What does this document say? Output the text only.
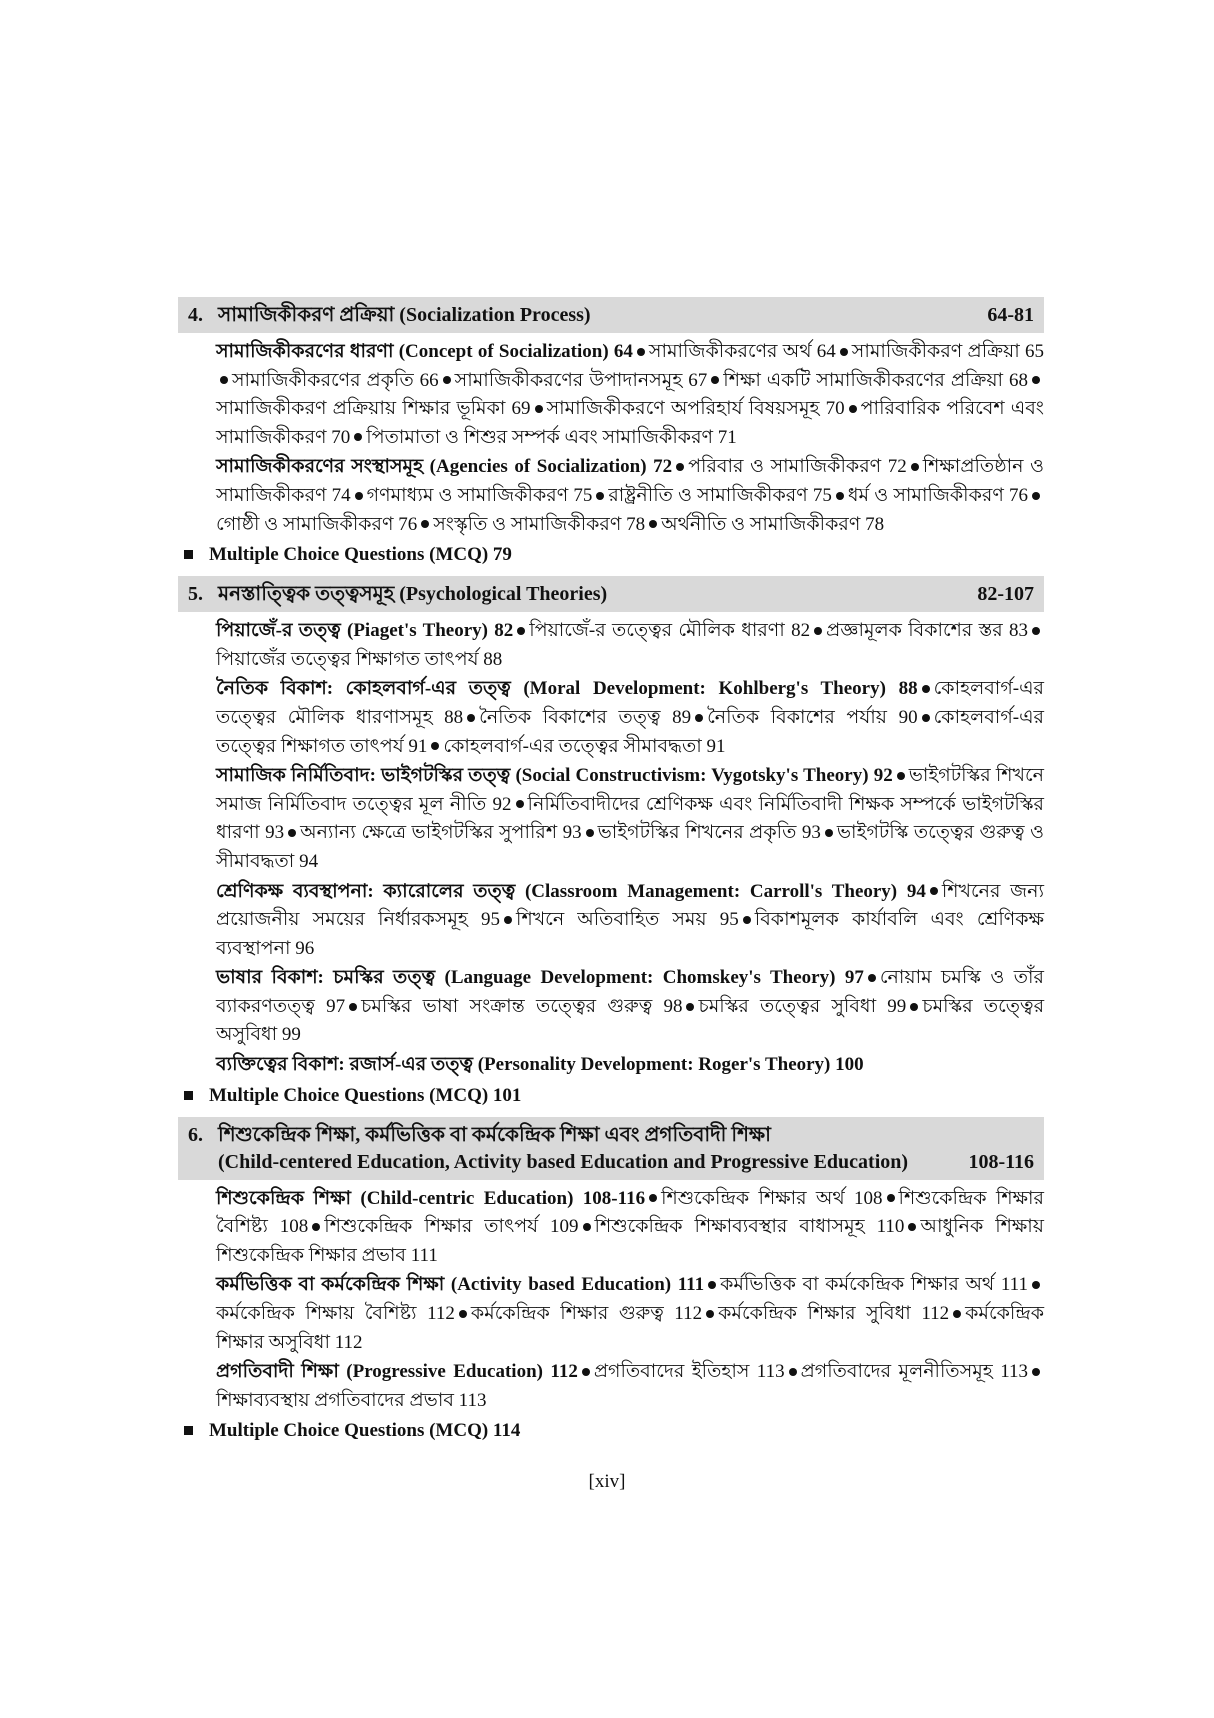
4. সামাজিকীকরণ প্রক্রিয়া (Socialization Process)	64-81

সামাজিকীকরণের ধারণা (Concept of Socialization) 64 সামাজিকীকরণের অর্থ 64 সামাজিকীকরণ প্রক্রিয়া 65সামাজিকীকরণের প্রকৃতি 66 সামাজিকীকরণের উপাদানসমূহ 67 শিক্ষা একটি সামাজিকীকরণের প্রক্রিয়া 68সামাজিকীকরণ প্রক্রিয়ায় শিক্ষার ভূমিকা 69 সামাজিকীকরণে অপরিহার্য বিষয়সমূহ 70 পারিবারিক পরিবেশ এবং সামাজিকীকরণ 70 পিতামাতা ও শিশুর সম্পর্ক এবং সামাজিকীকরণ 71

সামাজিকীকরণের সংস্থাসমূহ (Agencies of Socialization) 72 পরিবার ও সামাজিকীকরণ 72 শিক্ষাপ্রতিষ্ঠান ও সামাজিকীকরণ 74 গণমাধ্যম ও সামাজিকীকরণ 75 রাষ্ট্রনীতি ও সামাজিকীকরণ 75 ধর্ম ও সামাজিকীকরণ 76গোষ্ঠী ও সামাজিকীকরণ 76 সংস্কৃতি ও সামাজিকীকরণ 78 অর্থনীতি ও সামাজিকীকরণ 78

Multiple Choice Questions (MCQ) 79
5. মনস্তাত্ত্বিক তত্ত্বসমূহ (Psychological Theories)	82-107

পিয়াজেঁ-র তত্ত্ব (Piaget's Theory) 82 পিয়াজেঁ-র তত্ত্বের মৌলিক ধারণা 82 প্রজ্ঞামূলক বিকাশের স্তর 83পিয়াজেঁর তত্ত্বের শিক্ষাগত তাৎপর্য 88

নৈতিক বিকাশ: কোহলবার্গ-এর তত্ত্ব (Moral Development: Kohlberg's Theory) 88 কোহলবার্গ-এর তত্ত্বের মৌলিক ধারণাসমূহ 88 নৈতিক বিকাশের তত্ত্ব 89 নৈতিক বিকাশের পর্যায় 90 কোহলবার্গ-এর তত্ত্বের শিক্ষাগত তাৎপর্য 91 কোহলবার্গ-এর তত্ত্বের সীমাবদ্ধতা 91

সামাজিক নির্মিতিবাদ: ভাইগটস্কির তত্ত্ব (Social Constructivism: Vygotsky's Theory) 92 ভাইগটস্কির শিখনে সমাজ নির্মিতিবাদ তত্ত্বের মূল নীতি 92 নির্মিতিবাদীদের শ্রেণিকক্ষ এবং নির্মিতিবাদী শিক্ষক সম্পর্কে ভাইগটস্কির ধারণা 93 অন্যান্য ক্ষেত্রে ভাইগটস্কির সুপারিশ 93 ভাইগটস্কির শিখনের প্রকৃতি 93 ভাইগটস্কি তত্ত্বের গুরুত্ব ও সীমাবদ্ধতা 94

শ্রেণিকক্ষ ব্যবস্থাপনা: ক্যারোলের তত্ত্ব (Classroom Management: Carroll's Theory) 94 শিখনের জন্য প্রয়োজনীয় সময়ের নির্ধারকসমূহ 95 শিখনে অতিবাহিত সময় 95 বিকাশমূলক কার্যাবলি এবং শ্রেণিকক্ষ ব্যবস্থাপনা 96

ভাষার বিকাশ: চমস্কির তত্ত্ব (Language Development: Chomskey's Theory) 97 নোয়াম চমস্কি ও তাঁর ব্যাকরণতত্ত্ব 97 চমস্কির ভাষা সংক্রান্ত তত্ত্বের গুরুত্ব 98 চমস্কির তত্ত্বের সুবিধা 99 চমস্কির তত্ত্বের অসুবিধা 99

ব্যক্তিত্বের বিকাশ: রজার্স-এর তত্ত্ব (Personality Development: Roger's Theory) 100

Multiple Choice Questions (MCQ) 101
6. শিশুকেন্দ্রিক শিক্ষা, কর্মভিত্তিক বা কর্মকেন্দ্রিক শিক্ষা এবং প্রগতিবাদী শিক্ষা
(Child-centered Education, Activity based Education and Progressive Education)	108-116

শিশুকেন্দ্রিক শিক্ষা (Child-centric Education) 108-116 শিশুকেন্দ্রিক শিক্ষার অর্থ 108 শিশুকেন্দ্রিক শিক্ষার বৈশিষ্ট্য 108 শিশুকেন্দ্রিক শিক্ষার তাৎপর্য 109 শিশুকেন্দ্রিক শিক্ষাব্যবস্থার বাধাসমূহ 110 আধুনিক শিক্ষায় শিশুকেন্দ্রিক শিক্ষার প্রভাব 111

কর্মভিত্তিক বা কর্মকেন্দ্রিক শিক্ষা (Activity based Education) 111 কর্মভিত্তিক বা কর্মকেন্দ্রিক শিক্ষার অর্থ 111কর্মকেন্দ্রিক শিক্ষায় বৈশিষ্ট্য 112 কর্মকেন্দ্রিক শিক্ষার গুরুত্ব 112 কর্মকেন্দ্রিক শিক্ষার সুবিধা 112 কর্মকেন্দ্রিক শিক্ষার অসুবিধা 112

প্রগতিবাদী শিক্ষা (Progressive Education) 112 প্রগতিবাদের ইতিহাস 113 প্রগতিবাদের মূলনীতিসমূহ 113শিক্ষাব্যবস্থায় প্রগতিবাদের প্রভাব 113

Multiple Choice Questions (MCQ) 114
[xiv]
